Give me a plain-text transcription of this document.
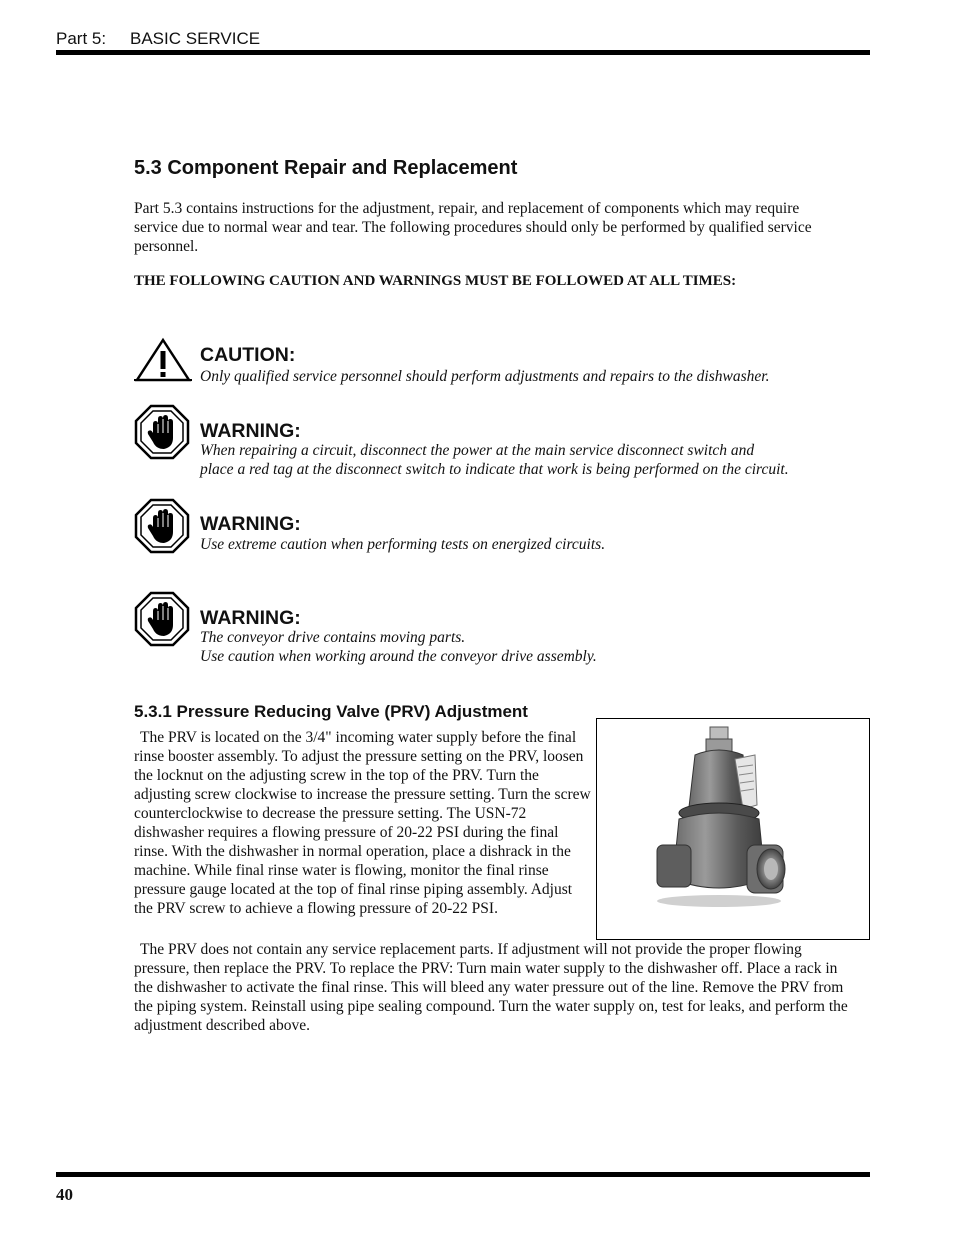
Part 5: BASIC SERVICE
5.3 Component Repair and Replacement
Part 5.3 contains instructions for the adjustment, repair, and replacement of components which may require service due to normal wear and tear. The following procedures should only be performed by qualified service personnel.
THE FOLLOWING CAUTION AND WARNINGS MUST BE FOLLOWED AT ALL TIMES:
CAUTION:
Only qualified service personnel should perform adjustments and repairs to the dishwasher.
WARNING:
When repairing a circuit, disconnect the power at the main service disconnect switch and
place a red tag at the disconnect switch to indicate that work is being performed on the circuit.
WARNING:
Use extreme caution when performing tests on energized circuits.
WARNING:
The conveyor drive contains moving parts.
Use caution when working around the conveyor drive assembly.
5.3.1 Pressure Reducing Valve (PRV) Adjustment
The PRV is located on the 3/4" incoming water supply before the final rinse booster assembly. To adjust the pressure setting on the PRV, loosen the locknut on the adjusting screw in the top of the PRV. Turn the adjusting screw clockwise to increase the pressure setting. Turn the screw counterclockwise to decrease the pressure setting. The USN-72 dishwasher requires a flowing pressure of 20-22 PSI during the final rinse. With the dishwasher in normal operation, place a dishrack in the machine. While final rinse water is flowing, monitor the final rinse pressure gauge located at the top of final rinse piping assembly. Adjust the PRV screw to achieve a flowing pressure of 20-22 PSI.
The PRV does not contain any service replacement parts. If adjustment will not provide the proper flowing pressure, then replace the PRV. To replace the PRV: Turn main water supply to the dishwasher off. Place a rack in the dishwasher to activate the final rinse. This will bleed any water pressure out of the line. Remove the PRV from the piping system. Reinstall using pipe sealing compound. Turn the water supply on, test for leaks, and perform the adjustment described above.
40
